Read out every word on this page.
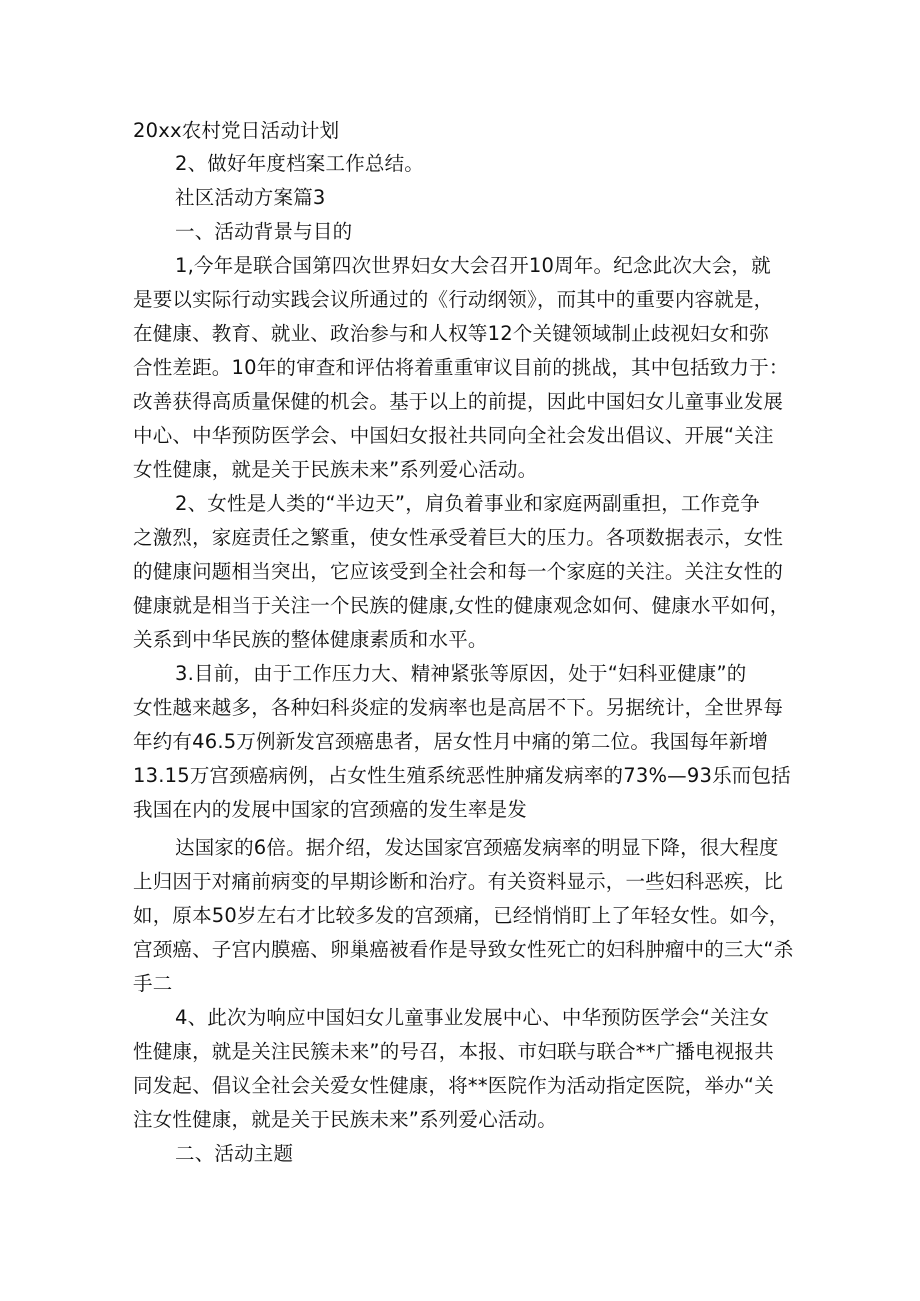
20xx农村党日活动计划
2、做好年度档案工作总结。
社区活动方案篇3
一、活动背景与目的
1,今年是联合国第四次世界妇女大会召开10周年。纪念此次大会，就
是要以实际行动实践会议所通过的《行动纲领》，而其中的重要内容就是，
在健康、教育、就业、政治参与和人权等12个关键领域制止歧视妇女和弥
合性差距。10年的审查和评估将着重重审议目前的挑战，其中包括致力于：
改善获得高质量保健的机会。基于以上的前提，因此中国妇女儿童事业发展
中心、中华预防医学会、中国妇女报社共同向全社会发出倡议、开展“关注
女性健康，就是关于民族未来”系列爱心活动。
2、女性是人类的“半边天”，肩负着事业和家庭两副重担，工作竞争
之激烈，家庭责任之繁重，使女性承受着巨大的压力。各项数据表示，女性
的健康问题相当突出，它应该受到全社会和每一个家庭的关注。关注女性的
健康就是相当于关注一个民族的健康,女性的健康观念如何、健康水平如何，
关系到中华民族的整体健康素质和水平。
3.目前，由于工作压力大、精神紧张等原因，处于“妇科亚健康”的
女性越来越多，各种妇科炎症的发病率也是高居不下。另据统计，全世界每
年约有46.5万例新发宫颈癌患者，居女性月中痛的第二位。我国每年新增
13.15万宫颈癌病例，占女性生殖系统恶性肿痛发病率的73%—93乐而包括
我国在内的发展中国家的宫颈癌的发生率是发
达国家的6倍。据介绍，发达国家宫颈癌发病率的明显下降，很大程度
上归因于对痛前病变的早期诊断和治疗。有关资料显示，一些妇科恶疾，比
如，原本50岁左右才比较多发的宫颈痛，已经悄悄盯上了年轻女性。如今，
宫颈癌、子宫内膜癌、卵巢癌被看作是导致女性死亡的妇科肿瘤中的三大“杀
手二
4、此次为响应中国妇女儿童事业发展中心、中华预防医学会“关注女
性健康，就是关注民簇未来”的号召，本报、市妇联与联合**广播电视报共
同发起、倡议全社会关爱女性健康，将**医院作为活动指定医院，举办“关
注女性健康，就是关于民族未来”系列爱心活动。
二、活动主题
